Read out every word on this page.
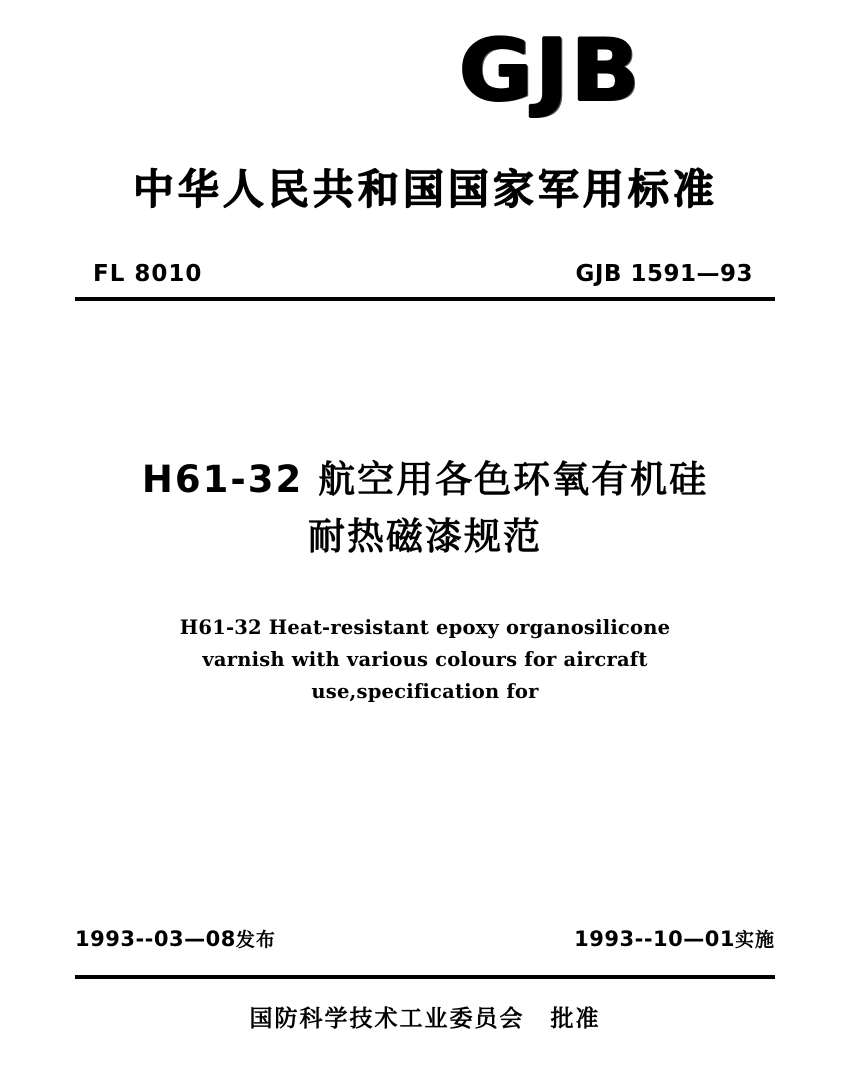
GJB
中华人民共和国国家军用标准
FL 8010	GJB 1591—93
H61-32 航空用各色环氧有机硅
耐热磁漆规范
H61-32 Heat-resistant epoxy organosilicone
varnish with various colours for aircraft
use,specification for
1993--03—08发布	1993--10—01实施
国防科学技术工业委员会 批准
